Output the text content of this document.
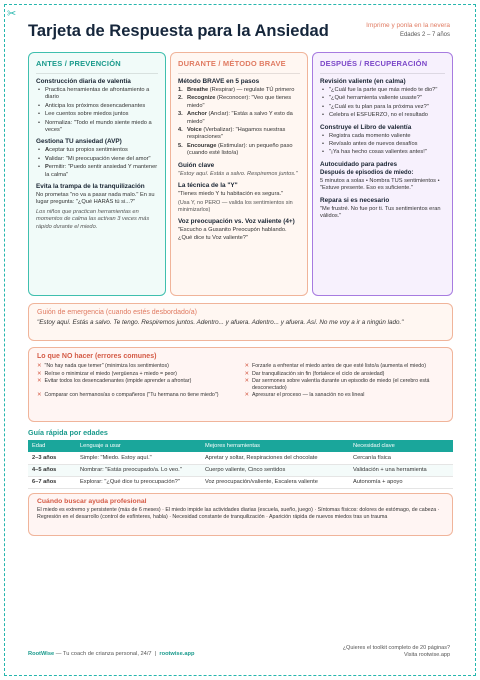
✂
Tarjeta de Respuesta para la Ansiedad	Imprime y ponla en la nevera
Edades 2 – 7 años
ANTES / PREVENCIÓN
Construcción diaria de valentía
• Practica herramientas de afrontamiento a diario
• Anticipa los próximos desencadenantes
• Lee cuentos sobre miedos juntos
• Normaliza: "Todo el mundo siente miedo a veces"
Gestiona TU ansiedad (AVP)
• Aceptar tus propios sentimientos
• Validar: "Mi preocupación viene del amor"
• Permitir: "Puedo sentir ansiedad Y mantener la calma"
Evita la trampa de la tranquilización
No prometas "no va a pasar nada malo." En su lugar pregunta: "¿Qué HARÁS tú si...?"
Los niños que practican herramientas en momentos de calma las activan 3 veces más rápido durante el miedo.
DURANTE / MÉTODO BRAVE
Método BRAVE en 5 pasos
1. Breathe (Respirar) — regulate TÚ primero
2. Recognize (Reconocer): "Veo que tienes miedo"
3. Anchor (Anclar): "Estás a salvo Y esto da miedo"
4. Voice (Verbalizar): "Hagamos nuestras respiraciones"
5. Encourage (Estimular): un pequeño paso (cuando esté listo/a)
Guión clave
"Estoy aquí. Estás a salvo. Respiremos juntos."
La técnica de la "Y"
"Tienes miedo Y tu habitación es segura."
(Usa Y, no PERO — valida los sentimientos sin minimizarlos)
Voz preocupación vs. Voz valiente (4+)
"Escucho a Gusanito Preocupón hablando. ¿Qué dice tu Voz valiente?"
DESPUÉS / RECUPERACIÓN
Revisión valiente (en calma)
• "¿Cuál fue la parte que más miedo te dio?"
• "¿Qué herramienta valiente usaste?"
• "¿Cuál es tu plan para la próxima vez?"
• Celebra el ESFUERZO, no el resultado
Construye el Libro de valentía
• Registra cada momento valiente
• Revísalo antes de nuevos desafíos
• "¡Ya has hecho cosas valientes antes!"
Autocuidado para padres
Después de episodios de miedo:
5 minutos a solas • Nombra TUS sentimientos • "Estuve presente. Eso es suficiente."
Repara si es necesario
"Me frustré. No fue por ti. Tus sentimientos eran válidos."
Guión de emergencia (cuando estés desbordado/a)
"Estoy aquí. Estás a salvo. Te tengo. Respiremos juntos. Adentro... y afuera. Adentro... y afuera. Así. No me voy a ir a ningún lado."
Lo que NO hacer (errores comunes)
✕ "No hay nada que temer" (minimiza los sentimientos)	✕ Forzarle a enfrentar el miedo antes de que esté listo/a (aumenta el miedo)
✕ Reírse o minimizar el miedo (vergüenza + miedo = peor)	✕ Dar tranquilización sin fin (fortalece el ciclo de ansiedad)
✕ Evitar todos los desencadenantes (impide aprender a afrontar)	✕ Dar sermones sobre valentía durante un episodio de miedo (el cerebro está desconectado)
✕ Comparar con hermanos/as o compañeros ("Tu hermana no tiene miedo")	✕ Apresurar el proceso — la sanación no es lineal
Guía rápida por edades
Edad	Lenguaje a usar	Mejores herramientas	Necesidad clave
2–3 años	Simple: "Miedo. Estoy aquí."	Apretar y soltar, Respiraciones del chocolate	Cercanía física
4–5 años	Nombrar: "Estás preocupado/a. Lo veo."	Cuerpo valiente, Cinco sentidos	Validación + una herramienta
6–7 años	Explorar: "¿Qué dice tu preocupación?"	Voz preocupación/valiente, Escalera valiente	Autonomía + apoyo
Cuándo buscar ayuda profesional
El miedo es extremo y persistente (más de 6 meses) · El miedo impide las actividades diarias (escuela, sueño, juego) · Síntomas físicos: dolores de estómago, de cabeza · Regresión en el desarrollo (control de esfínteres, habla) · Necesidad constante de tranquilización · Aparición rápida de nuevos miedos tras un trauma
RootWise — Tu coach de crianza personal, 24/7  |  rootwise.app
¿Quieres el toolkit completo de 20 páginas?
Visita rootwise.app
